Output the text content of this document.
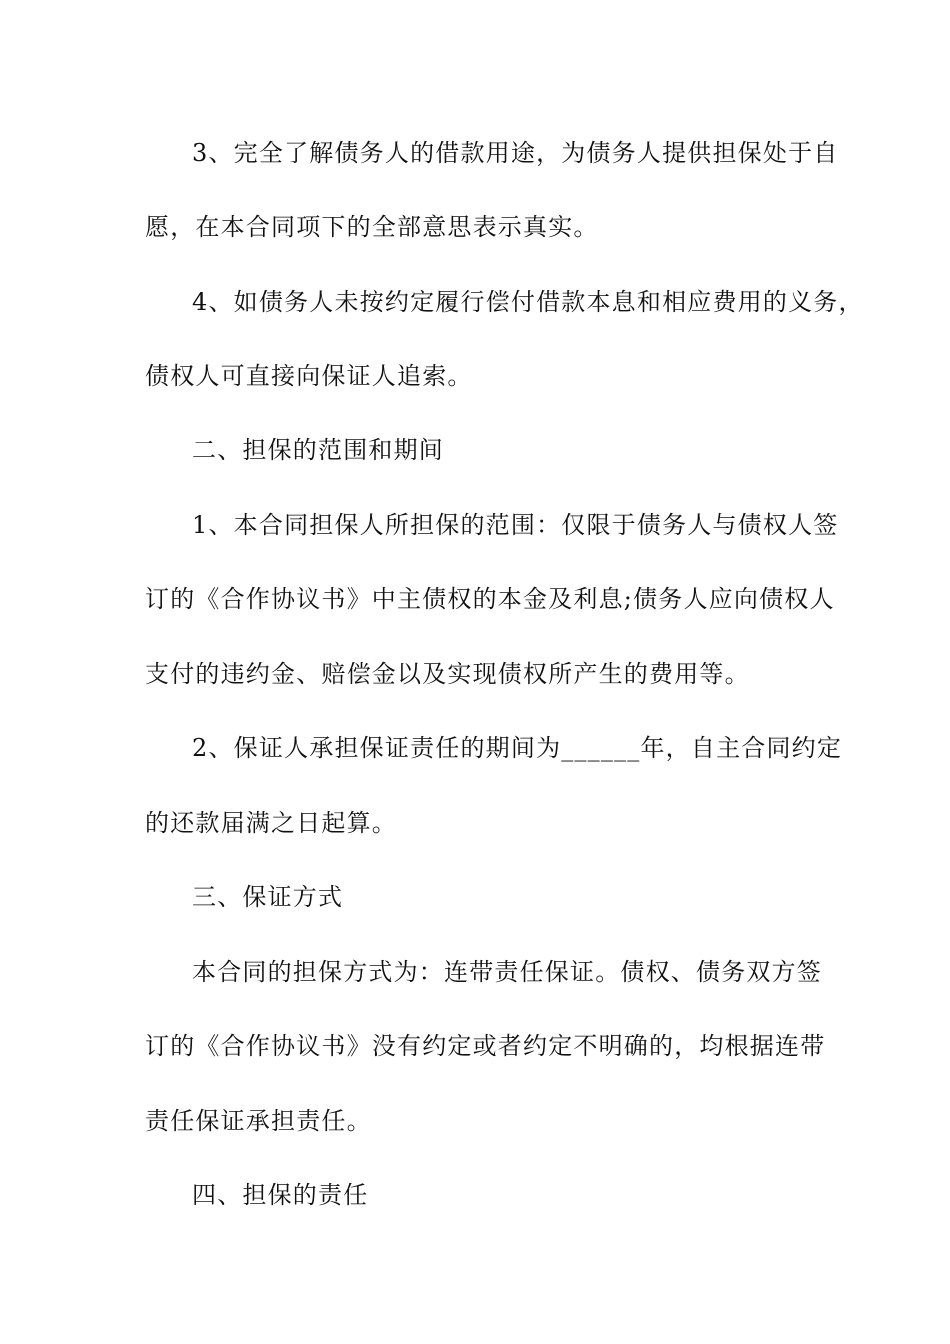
3、完全了解债务人的借款用途，为债务人提供担保处于自
愿，在本合同项下的全部意思表示真实。
4、如债务人未按约定履行偿付借款本息和相应费用的义务，
债权人可直接向保证人追索。
二、担保的范围和期间
1、本合同担保人所担保的范围：仅限于债务人与债权人签
订的《合作协议书》中主债权的本金及利息;债务人应向债权人
支付的违约金、赔偿金以及实现债权所产生的费用等。
2、保证人承担保证责任的期间为______年，自主合同约定
的还款届满之日起算。
三、保证方式
本合同的担保方式为：连带责任保证。债权、债务双方签
订的《合作协议书》没有约定或者约定不明确的，均根据连带
责任保证承担责任。
四、担保的责任
